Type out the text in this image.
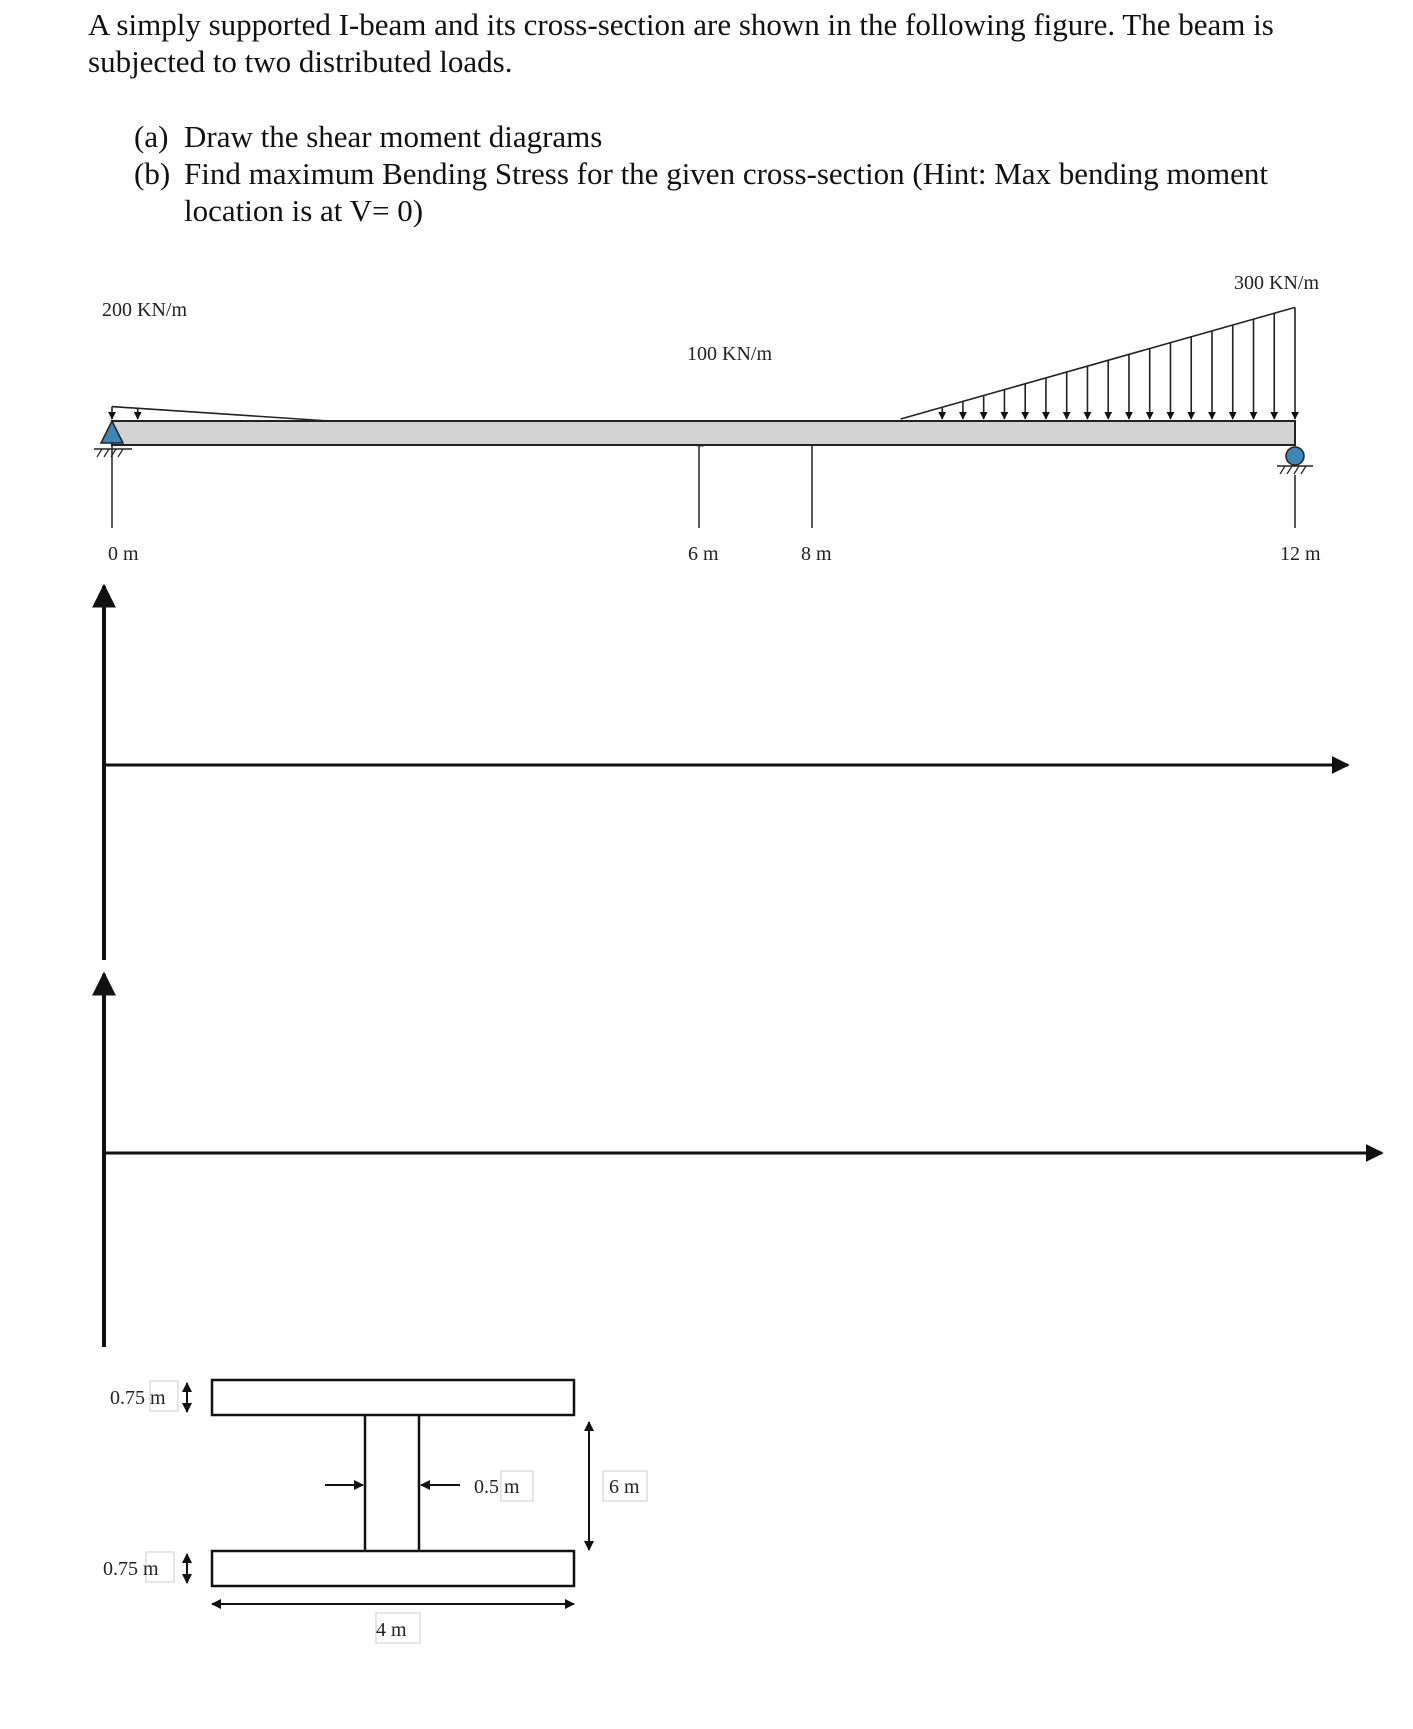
A simply supported I-beam and its cross-section are shown in the following figure. The beam is subjected to two distributed loads.

(a) Draw the shear moment diagrams
(b) Find maximum Bending Stress for the given cross-section (Hint: Max bending moment location is at V= 0)
200 KN/m
100 KN/m
300 KN/m
0 m	6 m	8 m	12 m
0.75 m
0.75 m
0.5 m	6 m
4 m
